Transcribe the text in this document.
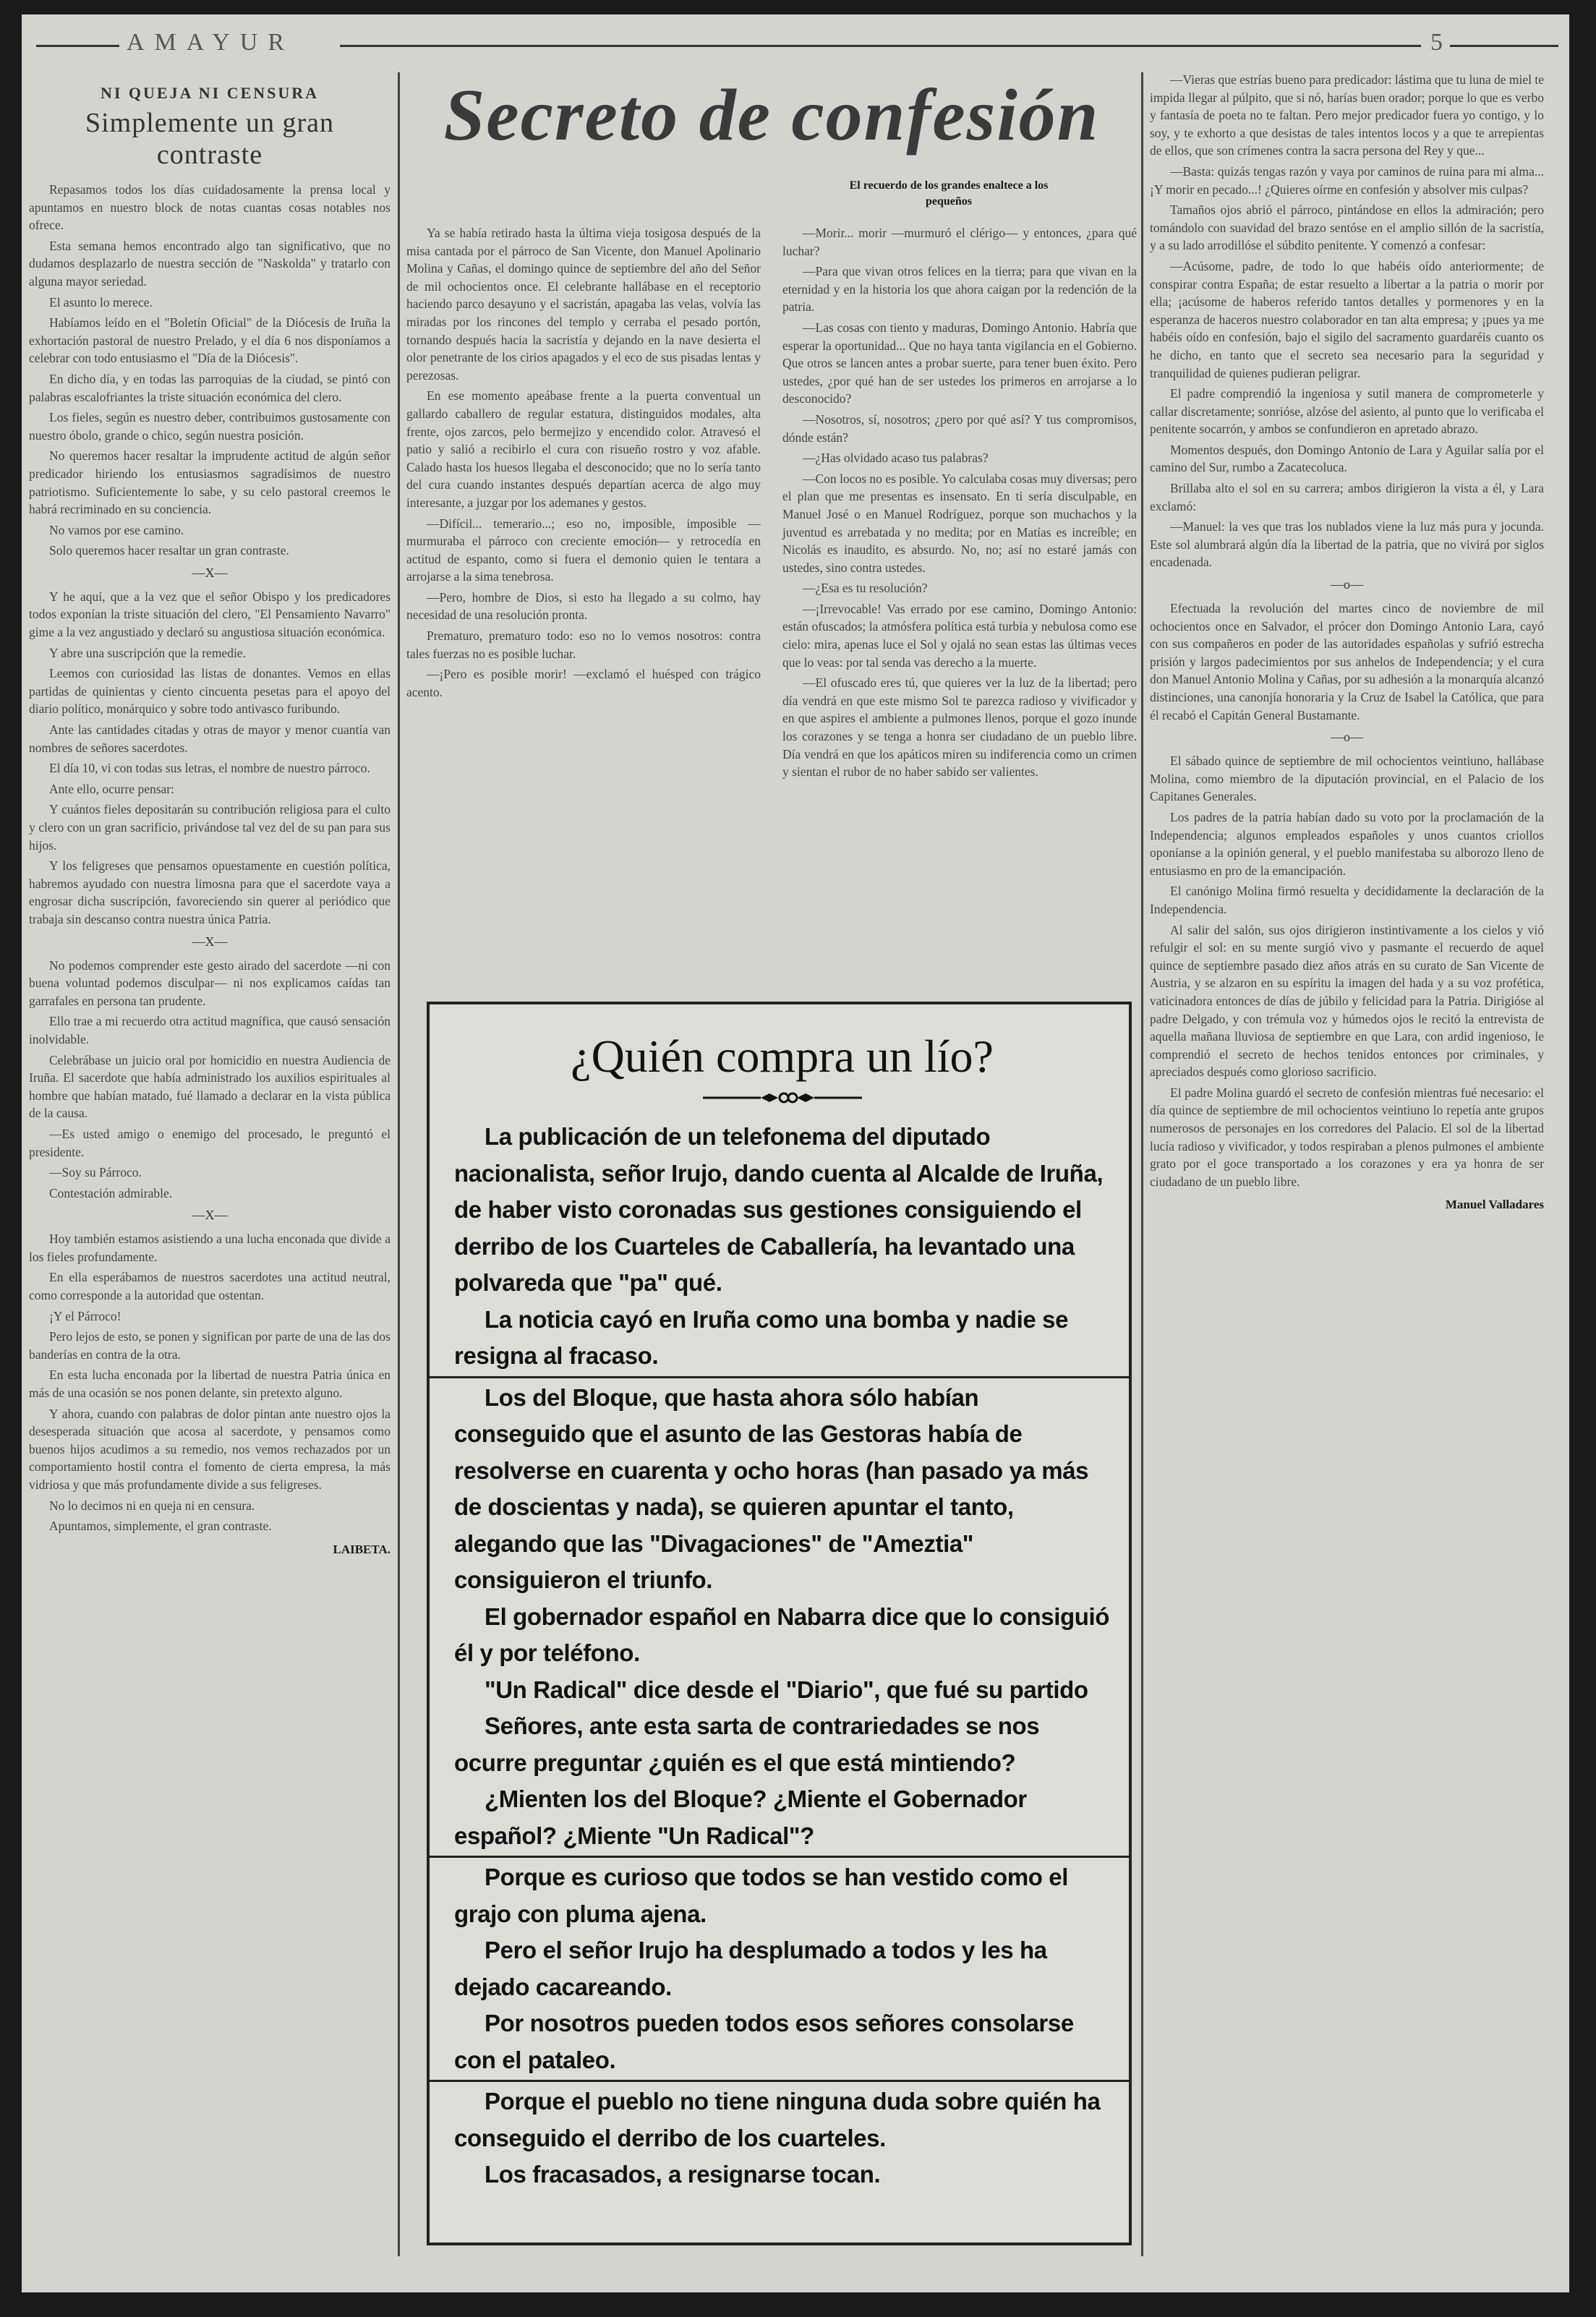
AMAYUR	5
NI QUEJA NI CENSURA
Simplemente un gran contraste

Repasamos todos los días cuidadosamente la prensa local y apuntamos en nuestro block de notas cuantas cosas notables nos ofrece.

Esta semana hemos encontrado algo tan significativo, que no dudamos desplazarlo de nuestra sección de "Naskolda" y tratarlo con alguna mayor seriedad.

El asunto lo merece.

Habíamos leído en el "Boletín Oficial" de la Diócesis de Iruña la exhortación pastoral de nuestro Prelado, y el día 6 nos disponíamos a celebrar con todo entusiasmo el "Día de la Diócesis".

En dicho día, y en todas las parroquias de la ciudad, se pintó con palabras escalofriantes la triste situación económica del clero.

Los fieles, según es nuestro deber, contribuimos gustosamente con nuestro óbolo, grande o chico, según nuestra posición.

No queremos hacer resaltar la imprudente actitud de algún señor predicador hiriendo los entusiasmos sagradísimos de nuestro patriotismo. Suficientemente lo sabe, y su celo pastoral creemos le habrá recriminado en su conciencia.

No vamos por ese camino.

Solo queremos hacer resaltar un gran contraste.

—X—

Y he aquí, que a la vez que el señor Obispo y los predicadores todos exponían la triste situación del clero, "El Pensamiento Navarro" gime a la vez angustiado y declaró su angustiosa situación económica.

Y abre una suscripción que la remedie.

Leemos con curiosidad las listas de donantes. Vemos en ellas partidas de quinientas y ciento cincuenta pesetas para el apoyo del diario político, monárquico y sobre todo antivasco furibundo.

Ante las cantidades citadas y otras de mayor y menor cuantía van nombres de señores sacerdotes.

El día 10, vi con todas sus letras, el nombre de nuestro párroco.

Ante ello, ocurre pensar:

Y cuántos fieles depositarán su contribución religiosa para el culto y clero con un gran sacrificio, privándose tal vez del de su pan para sus hijos.

Y los feligreses que pensamos opuestamente en cuestión política, habremos ayudado con nuestra limosna para que el sacerdote vaya a engrosar dicha suscripción, favoreciendo sin querer al periódico que trabaja sin descanso contra nuestra única Patria.

—X—

No podemos comprender este gesto airado del sacerdote —ni con buena voluntad podemos disculpar— ni nos explicamos caídas tan garrafales en persona tan prudente.

Ello trae a mi recuerdo otra actitud magnífica, que causó sensación inolvidable.

Celebrábase un juicio oral por homicidio en nuestra Audiencia de Iruña. El sacerdote que había administrado los auxilios espirituales al hombre que habían matado, fué llamado a declarar en la vista pública de la causa.

—Es usted amigo o enemigo del procesado, le preguntó el presidente.

—Soy su Párroco.

Contestación admirable.

—X—

Hoy también estamos asistiendo a una lucha enconada que divide a los fieles profundamente.

En ella esperábamos de nuestros sacerdotes una actitud neutral, como corresponde a la autoridad que ostentan.

¡Y el Párroco!

Pero lejos de esto, se ponen y significan por parte de una de las dos banderías en contra de la otra.

En esta lucha enconada por la libertad de nuestra Patria única en más de una ocasión se nos ponen delante, sin pretexto alguno.

Y ahora, cuando con palabras de dolor pintan ante nuestro ojos la desesperada situación que acosa al sacerdote, y pensamos como buenos hijos acudimos a su remedio, nos vemos rechazados por un comportamiento hostil contra el fomento de cierta empresa, la más vidriosa y que más profundamente divide a sus feligreses.

No lo decimos ni en queja ni en censura.

Apuntamos, simplemente, el gran contraste.

LAIBETA.
Secreto de confesión
El recuerdo de los grandes enaltece a los pequeños

Ya se había retirado hasta la última vieja tosigosa después de la misa cantada por el párroco de San Vicente, don Manuel Apolinario Molina y Cañas, el domingo quince de septiembre del año del Señor de mil ochocientos once. El celebrante hallábase en el receptorio haciendo parco desayuno y el sacristán, apagaba las velas, volvía las miradas por los rincones del templo y cerraba el pesado portón, tornando después hacia la sacristía y dejando en la nave desierta el olor penetrante de los cirios apagados y el eco de sus pisadas lentas y perezosas.

En ese momento apeábase frente a la puerta conventual un gallardo caballero de regular estatura, distinguidos modales, alta frente, ojos zarcos, pelo bermejizo y encendido color. Atravesó el patio y salió a recibirlo el cura con risueño rostro y voz afable. Calado hasta los huesos llegaba el desconocido; que no lo sería tanto del cura cuando instantes después departían acerca de algo muy interesante, a juzgar por los ademanes y gestos.

—Difícil... temerario...; eso no, imposible, imposible —murmuraba el párroco con creciente emoción— y retrocedía en actitud de espanto, como si fuera el demonio quien le tentara a arrojarse a la sima tenebrosa.

—Pero, hombre de Dios, si esto ha llegado a su colmo, hay necesidad de una resolución pronta.

Prematuro, prematuro todo: eso no lo vemos nosotros: contra tales fuerzas no es posible luchar.

—¡Pero es posible morir! —exclamó el huésped con trágico acento.

—Morir... morir —murmuró el clérigo— y entonces, ¿para qué luchar?

—Para que vivan otros felices en la tierra; para que vivan en la eternidad y en la historia los que ahora caigan por la redención de la patria.

—Las cosas con tiento y maduras, Domingo Antonio. Habría que esperar la oportunidad... Que no haya tanta vigilancia en el Gobierno. Que otros se lancen antes a probar suerte, para tener buen éxito. Pero ustedes, ¿por qué han de ser ustedes los primeros en arrojarse a lo desconocido?

—Nosotros, sí, nosotros; ¿pero por qué así? Y tus compromisos, dónde están?

—¿Has olvidado acaso tus palabras?

—Con locos no es posible. Yo calculaba cosas muy diversas; pero el plan que me presentas es insensato. En ti sería disculpable, en Manuel José o en Manuel Rodríguez, porque son muchachos y la juventud es arrebatada y no medita; por en Matías es increíble; en Nicolás es inaudito, es absurdo. No, no; así no estaré jamás con ustedes, sino contra ustedes.

—¿Esa es tu resolución?

—¡Irrevocable! Vas errado por ese camino, Domingo Antonio: están ofuscados; la atmósfera política está turbia y nebulosa como ese cielo: mira, apenas luce el Sol y ojalá no sean estas las últimas veces que lo veas: por tal senda vas derecho a la muerte.

—El ofuscado eres tú, que quieres ver la luz de la libertad; pero día vendrá en que este mismo Sol te parezca radioso y vivificador y en que aspires el ambiente a pulmones llenos, porque el gozo inunde los corazones y se tenga a honra ser ciudadano de un pueblo libre. Día vendrá en que los apáticos miren su indiferencia como un crimen y sientan el rubor de no haber sabido ser valientes.

—Vieras que estrías bueno para predicador: lástima que tu luna de miel te impida llegar al púlpito, que si nó, harías buen orador; porque lo que es verbo y fantasía de poeta no te faltan. Pero mejor predicador fuera yo contigo, y lo soy, y te exhorto a que desistas de tales intentos locos y a que te arrepientas de ellos, que son crímenes contra la sacra persona del Rey y que...

—Basta: quizás tengas razón y vaya por caminos de ruina para mi alma... ¡Y morir en pecado...! ¿Quieres oírme en confesión y absolver mis culpas?

Tamaños ojos abrió el párroco, pintándose en ellos la admiración; pero tomándolo con suavidad del brazo sentóse en el amplio sillón de la sacristía, y a su lado arrodillóse el súbdito penitente. Y comenzó a confesar:

—Acúsome, padre, de todo lo que habéis oído anteriormente; de conspirar contra España; de estar resuelto a libertar a la patria o morir por ella; ¡acúsome de haberos referido tantos detalles y pormenores y en la esperanza de haceros nuestro colaborador en tan alta empresa; y ¡pues ya me habéis oído en confesión, bajo el sigilo del sacramento guardaréis cuanto os he dicho, en tanto que el secreto sea necesario para la seguridad y tranquilidad de quienes pudieran peligrar.

El padre comprendió la ingeniosa y sutil manera de comprometerle y callar discretamente; sonrióse, alzóse del asiento, al punto que lo verificaba el penitente socarrón, y ambos se confundieron en apretado abrazo.

Momentos después, don Domingo Antonio de Lara y Aguilar salía por el camino del Sur, rumbo a Zacatecoluca.

Brillaba alto el sol en su carrera; ambos dirigieron la vista a él, y Lara exclamó:

—Manuel: la ves que tras los nublados viene la luz más pura y jocunda. Este sol alumbrará algún día la libertad de la patria, que no vivirá por siglos encadenada.

—o—

Efectuada la revolución del martes cinco de noviembre de mil ochocientos once en Salvador, el prócer don Domingo Antonio Lara, cayó con sus compañeros en poder de las autoridades españolas y sufrió estrecha prisión y largos padecimientos por sus anhelos de Independencia; y el cura don Manuel Antonio Molina y Cañas, por su adhesión a la monarquía alcanzó distinciones, una canonjía honoraria y la Cruz de Isabel la Católica, que para él recabó el Capitán General Bustamante.

—o—

El sábado quince de septiembre de mil ochocientos veintiuno, hallábase Molina, como miembro de la diputación provincial, en el Palacio de los Capitanes Generales.

Los padres de la patria habían dado su voto por la proclamación de la Independencia; algunos empleados españoles y unos cuantos criollos oponíanse a la opinión general, y el pueblo manifestaba su alborozo lleno de entusiasmo en pro de la emancipación.

El canónigo Molina firmó resuelta y decididamente la declaración de la Independencia.

Al salir del salón, sus ojos dirigieron instintivamente a los cielos y vió refulgir el sol: en su mente surgió vivo y pasmante el recuerdo de aquel quince de septiembre pasado diez años atrás en su curato de San Vicente de Austria, y se alzaron en su espíritu la imagen del hada y a su voz profética, vaticinadora entonces de días de júbilo y felicidad para la Patria. Dirigióse al padre Delgado, y con trémula voz y húmedos ojos le recitó la entrevista de aquella mañana lluviosa de septiembre en que Lara, con ardid ingenioso, le comprendió el secreto de hechos tenidos entonces por criminales, y apreciados después como glorioso sacrificio.

El padre Molina guardó el secreto de confesión mientras fué necesario: el día quince de septiembre de mil ochocientos veintiuno lo repetía ante grupos numerosos de personajes en los corredores del Palacio. El sol de la libertad lucía radioso y vivificador, y todos respiraban a plenos pulmones el ambiente grato por el goce transportado a los corazones y era ya honra de ser ciudadano de un pueblo libre.

Manuel Valladares
¿Quién compra un lío?

La publicación de un telefonema del diputado nacionalista, señor Irujo, dando cuenta al Alcalde de Iruña, de haber visto coronadas sus gestiones consiguiendo el derribo de los Cuarteles de Caballería, ha levantado una polvareda que "pa" qué.

La noticia cayó en Iruña como una bomba y nadie se resigna al fracaso.

Los del Bloque, que hasta ahora sólo habían conseguido que el asunto de las Gestoras había de resolverse en cuarenta y ocho horas (han pasado ya más de doscientas y nada), se quieren apuntar el tanto, alegando que las "Divagaciones" de "Ameztia" consiguieron el triunfo.

El gobernador español en Nabarra dice que lo consiguió él y por teléfono.

"Un Radical" dice desde el "Diario", que fué su partido

Señores, ante esta sarta de contrariedades se nos ocurre preguntar ¿quién es el que está mintiendo?

¿Mienten los del Bloque? ¿Miente el Gobernador español? ¿Miente "Un Radical"?

Porque es curioso que todos se han vestido como el grajo con pluma ajena.

Pero el señor Irujo ha desplumado a todos y les ha dejado cacareando.

Por nosotros pueden todos esos señores consolarse con el pataleo.

Porque el pueblo no tiene ninguna duda sobre quién ha conseguido el derribo de los cuarteles.

Los fracasados, a resignarse tocan.
